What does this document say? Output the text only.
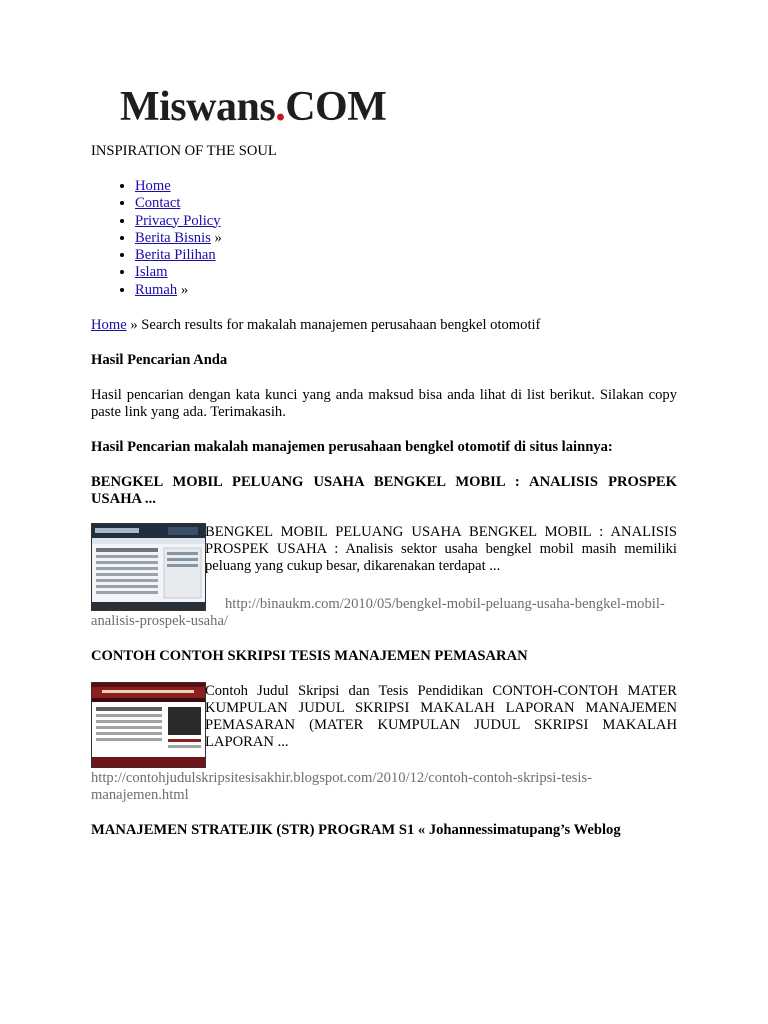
Miswans.COM
INSPIRATION OF THE SOUL
• Home
• Contact
• Privacy Policy
• Berita Bisnis »
• Berita Pilihan
• Islam
• Rumah »
Home » Search results for makalah manajemen perusahaan bengkel otomotif
Hasil Pencarian Anda
Hasil pencarian dengan kata kunci yang anda maksud bisa anda lihat di list berikut. Silakan copy paste link yang ada. Terimakasih.
Hasil Pencarian makalah manajemen perusahaan bengkel otomotif di situs lainnya:
BENGKEL MOBIL PELUANG USAHA BENGKEL MOBIL : ANALISIS PROSPEK USAHA ...
BENGKEL MOBIL PELUANG USAHA BENGKEL MOBIL : ANALISIS PROSPEK USAHA : Analisis sektor usaha bengkel mobil masih memiliki peluang yang cukup besar, dikarenakan terdapat ...
http://binaukm.com/2010/05/bengkel-mobil-peluang-usaha-bengkel-mobil-analisis-prospek-usaha/
CONTOH CONTOH SKRIPSI TESIS MANAJEMEN PEMASARAN
Contoh Judul Skripsi dan Tesis Pendidikan CONTOH-CONTOH MATER KUMPULAN JUDUL SKRIPSI MAKALAH LAPORAN MANAJEMEN PEMASARAN (MATER KUMPULAN JUDUL SKRIPSI MAKALAH LAPORAN ...
http://contohjudulskripsitesisakhir.blogspot.com/2010/12/contoh-contoh-skripsi-tesis-manajemen.html
MANAJEMEN STRATEJIK (STR) PROGRAM S1 « Johannessimatupang’s Weblog
